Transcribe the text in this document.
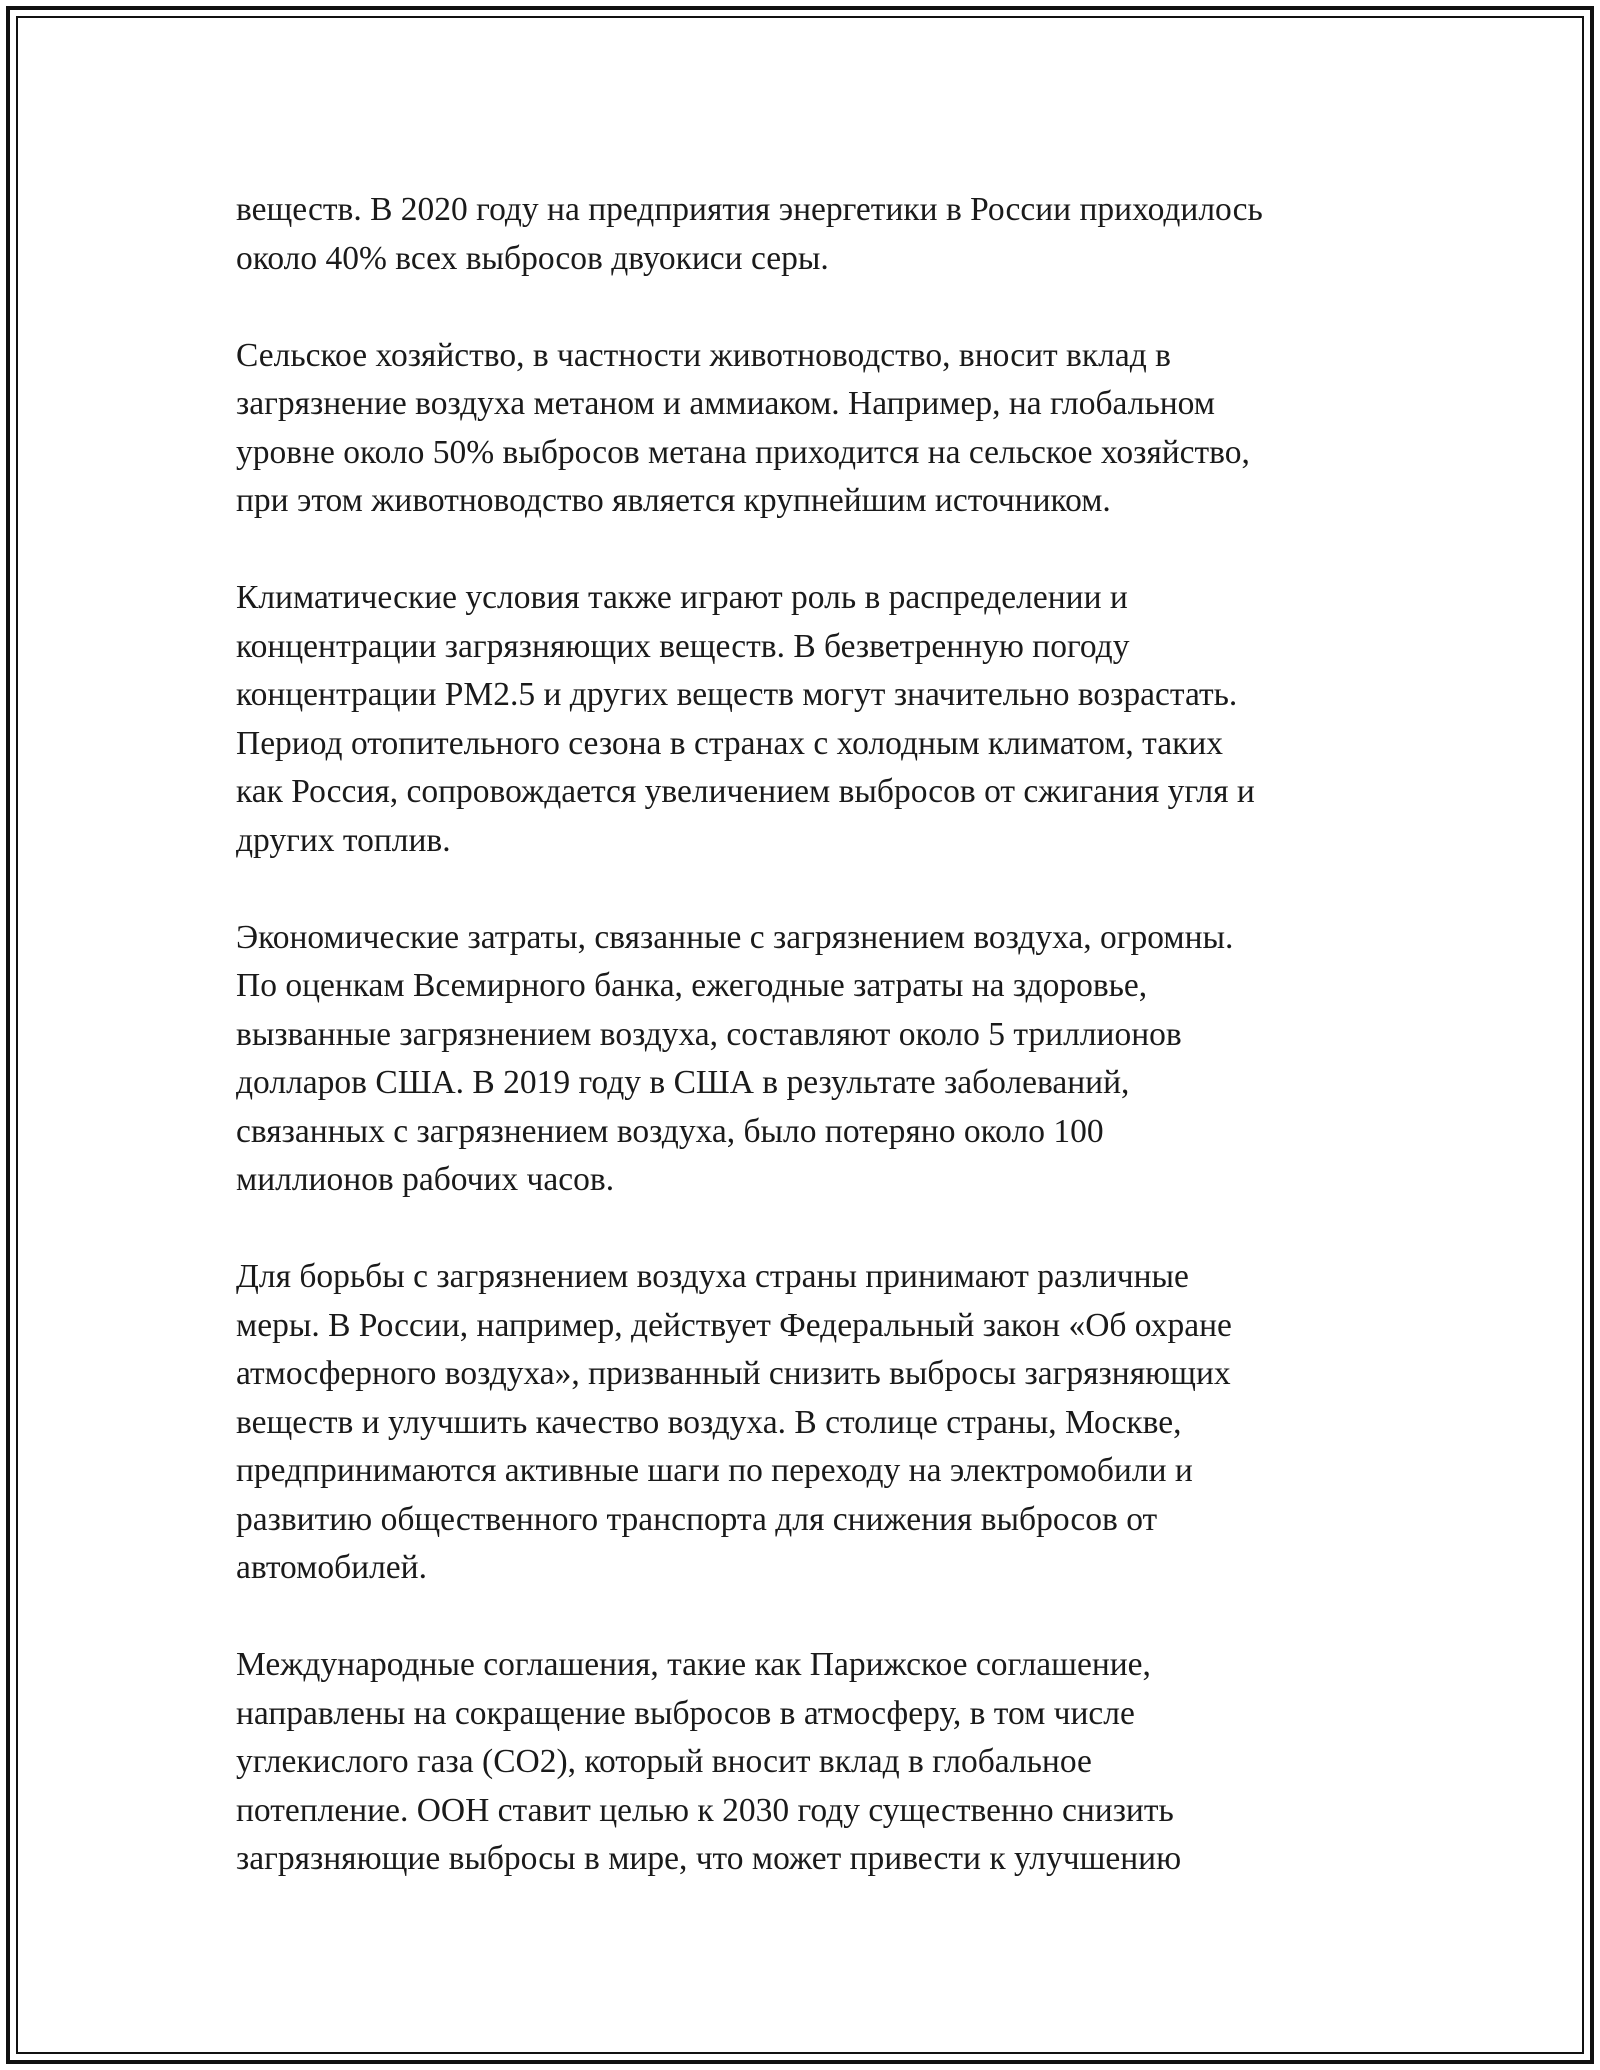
веществ. В 2020 году на предприятия энергетики в России приходилось
около 40% всех выбросов двуокиси серы.

Сельское хозяйство, в частности животноводство, вносит вклад в
загрязнение воздуха метаном и аммиаком. Например, на глобальном
уровне около 50% выбросов метана приходится на сельское хозяйство,
при этом животноводство является крупнейшим источником.

Климатические условия также играют роль в распределении и
концентрации загрязняющих веществ. В безветренную погоду
концентрации PM2.5 и других веществ могут значительно возрастать.
Период отопительного сезона в странах с холодным климатом, таких
как Россия, сопровождается увеличением выбросов от сжигания угля и
других топлив.

Экономические затраты, связанные с загрязнением воздуха, огромны.
По оценкам Всемирного банка, ежегодные затраты на здоровье,
вызванные загрязнением воздуха, составляют около 5 триллионов
долларов США. В 2019 году в США в результате заболеваний,
связанных с загрязнением воздуха, было потеряно около 100
миллионов рабочих часов.

Для борьбы с загрязнением воздуха страны принимают различные
меры. В России, например, действует Федеральный закон «Об охране
атмосферного воздуха», призванный снизить выбросы загрязняющих
веществ и улучшить качество воздуха. В столице страны, Москве,
предпринимаются активные шаги по переходу на электромобили и
развитию общественного транспорта для снижения выбросов от
автомобилей.

Международные соглашения, такие как Парижское соглашение,
направлены на сокращение выбросов в атмосферу, в том числе
углекислого газа (CO2), который вносит вклад в глобальное
потепление. ООН ставит целью к 2030 году существенно снизить
загрязняющие выбросы в мире, что может привести к улучшению
